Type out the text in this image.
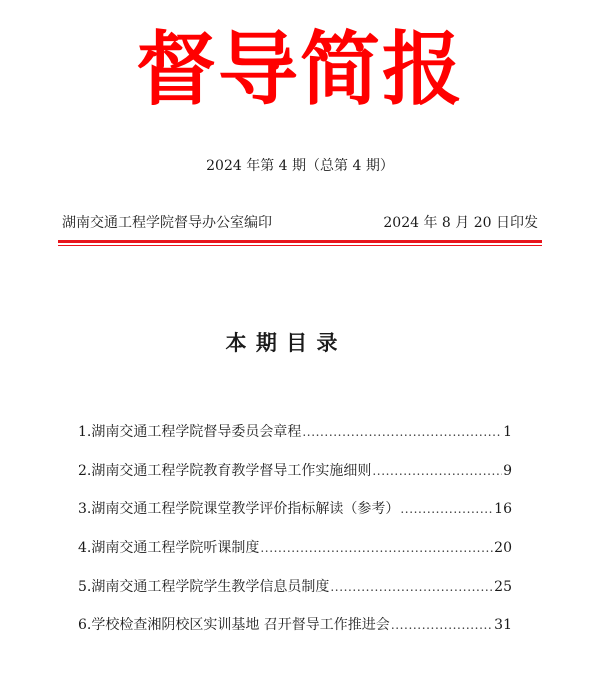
督导简报
2024 年第 4 期（总第 4 期）
湖南交通工程学院督导办公室编印	2024 年 8 月 20 日印发
本 期 目 录
1.湖南交通工程学院督导委员会章程 .....	1
2.湖南交通工程学院教育教学督导工作实施细则 .....	9
3.湖南交通工程学院课堂教学评价指标解读（参考） .....	16
4.湖南交通工程学院听课制度 .....	20
5.湖南交通工程学院学生教学信息员制度 .....	25
6.学校检查湘阴校区实训基地 召开督导工作推进会 .....	31
